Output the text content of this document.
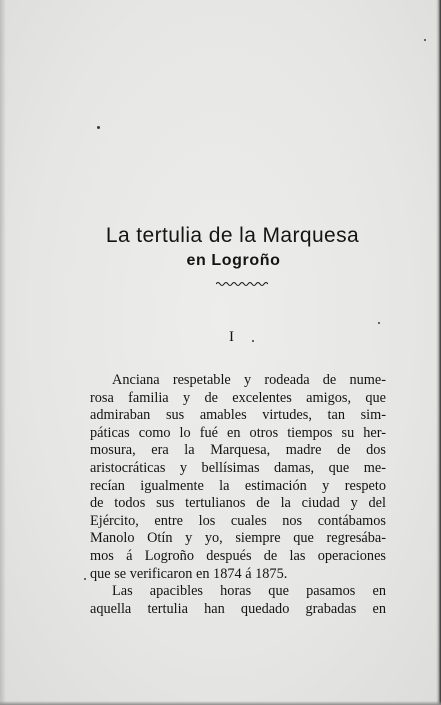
La tertulia de la Marquesa
en Logroño
I
Anciana respetable y rodeada de nume-
rosa familia y de excelentes amigos, que
admiraban sus amables virtudes, tan sim-
páticas como lo fué en otros tiempos su her-
mosura, era la Marquesa, madre de dos
aristocráticas y bellísimas damas, que me-
recían igualmente la estimación y respeto
de todos sus tertulianos de la ciudad y del
Ejército, entre los cuales nos contábamos
Manolo Otín y yo, siempre que regresába-
mos á Logroño después de las operaciones
que se verificaron en 1874 á 1875.
Las apacibles horas que pasamos en
aquella tertulia han quedado grabadas en
